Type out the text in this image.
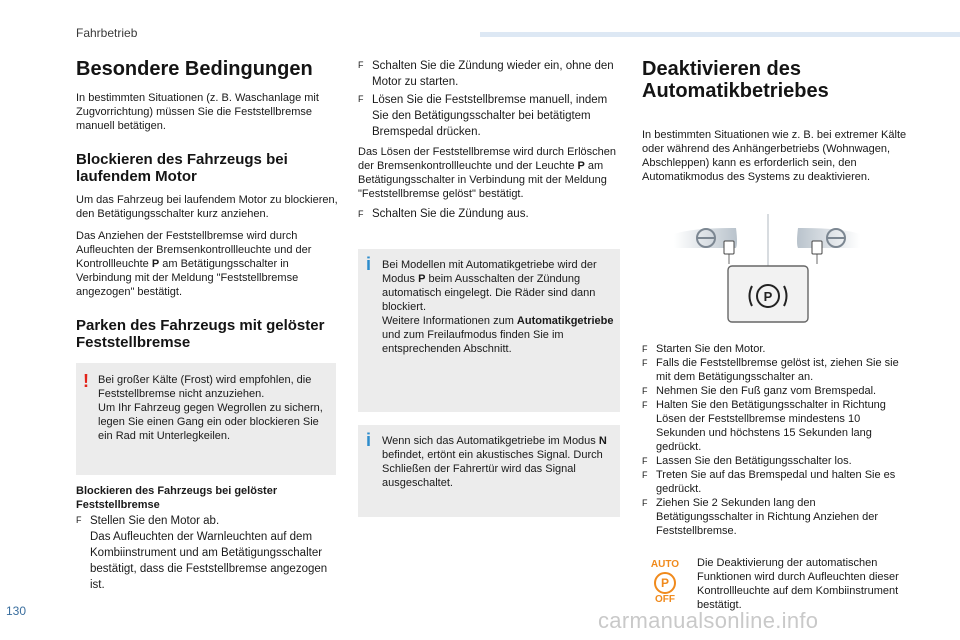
Fahrbetrieb
Besondere Bedingungen
In bestimmten Situationen (z. B. Waschanlage mit Zugvorrichtung) müssen Sie die Feststellbremse manuell betätigen.
Blockieren des Fahrzeugs bei laufendem Motor
Um das Fahrzeug bei laufendem Motor zu blockieren, den Betätigungsschalter kurz anziehen.
Das Anziehen der Feststellbremse wird durch Aufleuchten der Bremsenkontrollleuchte und der Kontrollleuchte P am Betätigungsschalter in Verbindung mit der Meldung "Feststellbremse angezogen" bestätigt.
Parken des Fahrzeugs mit gelöster Feststellbremse
! Bei großer Kälte (Frost) wird empfohlen, die Feststellbremse nicht anzuziehen.
Um Ihr Fahrzeug gegen Wegrollen zu sichern, legen Sie einen Gang ein oder blockieren Sie ein Rad mit Unterlegkeilen.
Blockieren des Fahrzeugs bei gelöster Feststellbremse
F Stellen Sie den Motor ab.
Das Aufleuchten der Warnleuchten auf dem Kombiinstrument und am Betätigungsschalter bestätigt, dass die Feststellbremse angezogen ist.
F Schalten Sie die Zündung wieder ein, ohne den Motor zu starten.
F Lösen Sie die Feststellbremse manuell, indem Sie den Betätigungsschalter bei betätigtem Bremspedal drücken.
Das Lösen der Feststellbremse wird durch Erlöschen der Bremsenkontrollleuchte und der Leuchte P am Betätigungsschalter in Verbindung mit der Meldung "Feststellbremse gelöst" bestätigt.
F Schalten Sie die Zündung aus.
i Bei Modellen mit Automatikgetriebe wird der Modus P beim Ausschalten der Zündung automatisch eingelegt. Die Räder sind dann blockiert.
Weitere Informationen zum Automatikgetriebe und zum Freilaufmodus finden Sie im entsprechenden Abschnitt.
i Wenn sich das Automatikgetriebe im Modus N befindet, ertönt ein akustisches Signal. Durch Schließen der Fahrertür wird das Signal ausgeschaltet.
Deaktivieren des Automatikbetriebes
In bestimmten Situationen wie z. B. bei extremer Kälte oder während des Anhängerbetriebs (Wohnwagen, Abschleppen) kann es erforderlich sein, den Automatikmodus des Systems zu deaktivieren.
P
F Starten Sie den Motor.
F Falls die Feststellbremse gelöst ist, ziehen Sie sie mit dem Betätigungsschalter an.
F Nehmen Sie den Fuß ganz vom Bremspedal.
F Halten Sie den Betätigungsschalter in Richtung Lösen der Feststellbremse mindestens 10 Sekunden und höchstens 15 Sekunden lang gedrückt.
F Lassen Sie den Betätigungsschalter los.
F Treten Sie auf das Bremspedal und halten Sie es gedrückt.
F Ziehen Sie 2 Sekunden lang den Betätigungsschalter in Richtung Anziehen der Feststellbremse.
AUTO
P
OFF
Die Deaktivierung der automatischen Funktionen wird durch Aufleuchten dieser Kontrollleuchte auf dem Kombiinstrument bestätigt.
130	carmanualsonline.info
